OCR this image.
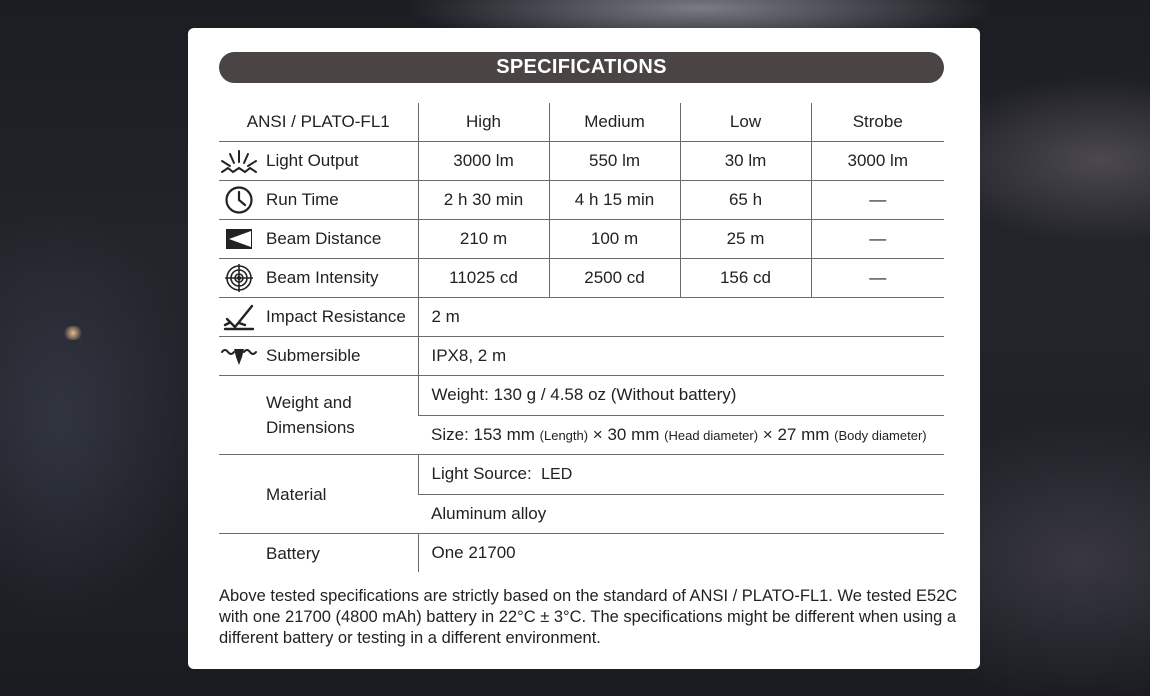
SPECIFICATIONS
ANSI / PLATO-FL1	High	Medium	Low	Strobe

Light Output	3000 lm	550 lm	30 lm	3000 lm

Run Time	2 h 30 min	4 h 15 min	65 h	—

Beam Distance	210 m	100 m	25 m	—

Beam Intensity	11025 cd	2500 cd	156 cd	—

Impact Resistance	2 m			

Submersible	IPX8, 2 m			

Weight and
Dimensions	Weight: 130 g / 4.58 oz (Without battery)			
	Size: 153 mm (Length) × 30 mm (Head diameter) × 27 mm (Body diameter)			

Material	Light Source:  LED			
	Aluminum alloy			

Battery	One 21700			
Above tested specifications are strictly based on the standard of ANSI / PLATO-FL1. We tested E52C with one 21700 (4800 mAh) battery in 22°C ± 3°C. The specifications might be different when using a different battery or testing in a different environment.
